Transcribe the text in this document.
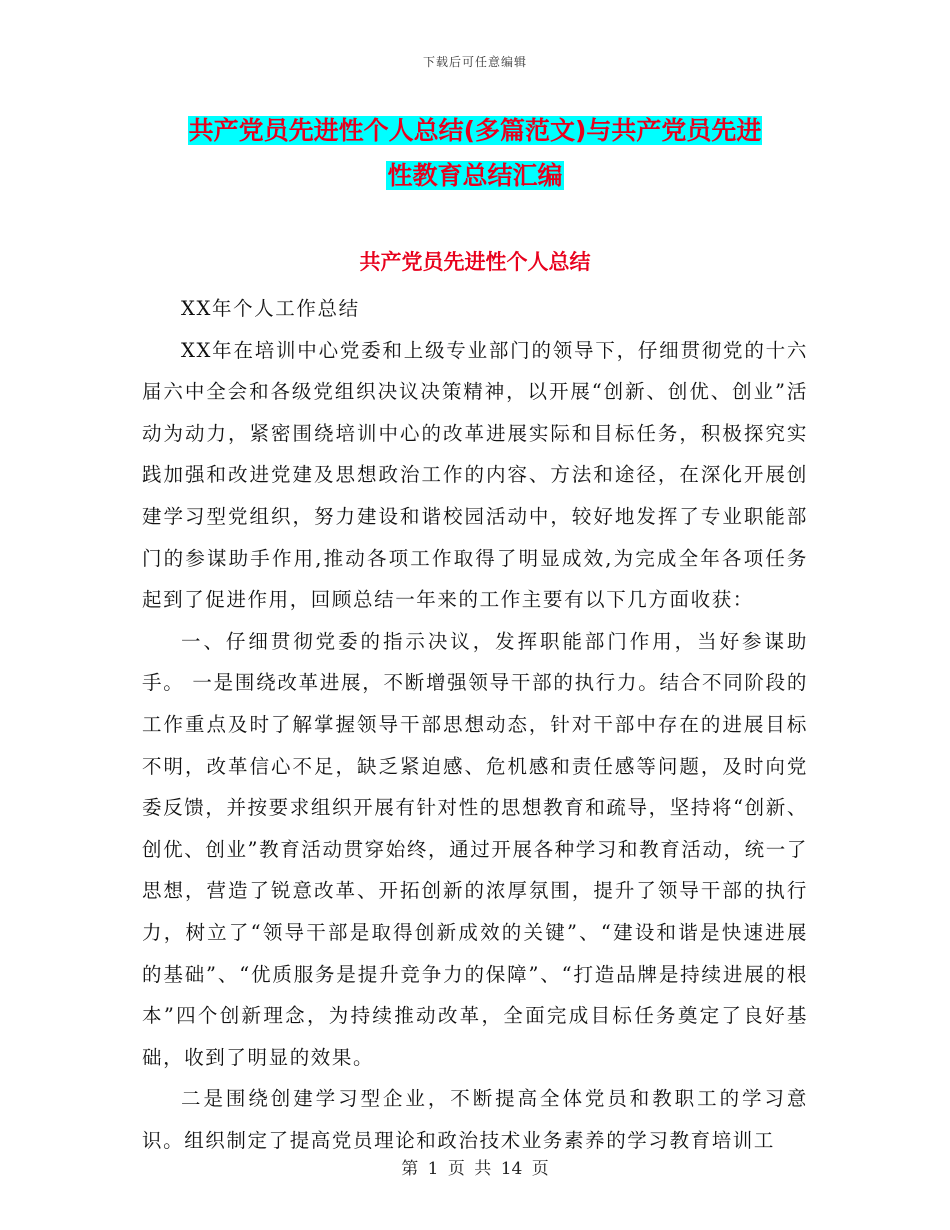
下载后可任意编辑
共产党员先进性个人总结(多篇范文)与共产党员先进
性教育总结汇编
共产党员先进性个人总结

XX年个人工作总结

XX年在培训中心党委和上级专业部门的领导下，仔细贯彻党的十六届六中全会和各级党组织决议决策精神，以开展“创新、创优、创业”活动为动力，紧密围绕培训中心的改革进展实际和目标任务，积极探究实践加强和改进党建及思想政治工作的内容、方法和途径，在深化开展创建学习型党组织，努力建设和谐校园活动中，较好地发挥了专业职能部门的参谋助手作用,推动各项工作取得了明显成效,为完成全年各项任务起到了促进作用，回顾总结一年来的工作主要有以下几方面收获：

一、仔细贯彻党委的指示决议，发挥职能部门作用，当好参谋助手。 一是围绕改革进展，不断增强领导干部的执行力。结合不同阶段的工作重点及时了解掌握领导干部思想动态，针对干部中存在的进展目标不明，改革信心不足，缺乏紧迫感、危机感和责任感等问题，及时向党委反馈，并按要求组织开展有针对性的思想教育和疏导，坚持将“创新、创优、创业”教育活动贯穿始终，通过开展各种学习和教育活动，统一了思想，营造了锐意改革、开拓创新的浓厚氛围，提升了领导干部的执行力，树立了“领导干部是取得创新成效的关键”、“建设和谐是快速进展的基础”、“优质服务是提升竞争力的保障”、“打造品牌是持续进展的根本”四个创新理念，为持续推动改革，全面完成目标任务奠定了良好基础，收到了明显的效果。

二是围绕创建学习型企业，不断提高全体党员和教职工的学习意识。组织制定了提高党员理论和政治技术业务素养的学习教育培训工

第 1 页 共 14 页
